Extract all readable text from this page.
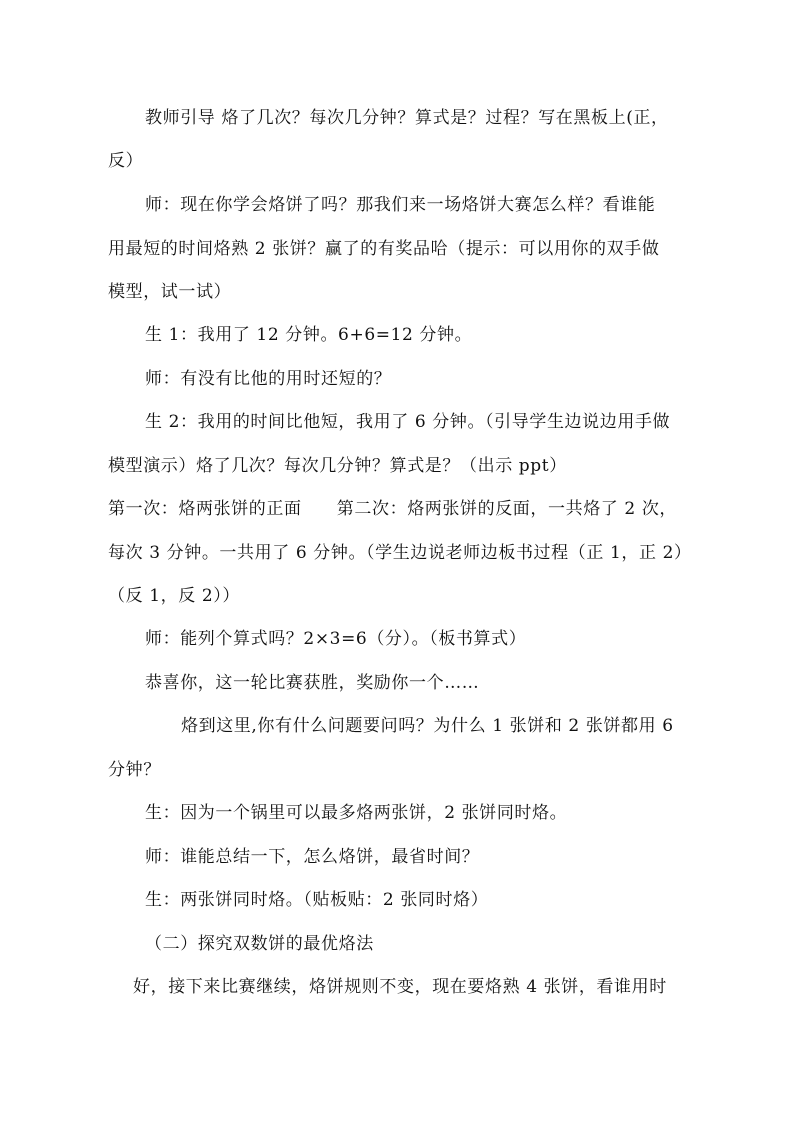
教师引导 烙了几次？每次几分钟？算式是？过程？写在黑板上(正，

反）

师：现在你学会烙饼了吗？那我们来一场烙饼大赛怎么样？看谁能

用最短的时间烙熟 2 张饼？赢了的有奖品哈（提示：可以用你的双手做

模型，试一试）

生 1：我用了 12 分钟。6+6=12 分钟。

师：有没有比他的用时还短的？

生 2：我用的时间比他短，我用了 6 分钟。（引导学生边说边用手做

模型演示）烙了几次？每次几分钟？算式是？（出示 ppt）

第一次：烙两张饼的正面　　第二次：烙两张饼的反面，一共烙了 2 次，

每次 3 分钟。一共用了 6 分钟。（学生边说老师边板书过程（正 1，正 2）

（反 1，反 2））

师：能列个算式吗？2×3=6（分）。（板书算式）

恭喜你，这一轮比赛获胜，奖励你一个……

烙到这里,你有什么问题要问吗？为什么 1 张饼和 2 张饼都用 6

分钟？

生：因为一个锅里可以最多烙两张饼，2 张饼同时烙。

师：谁能总结一下，怎么烙饼，最省时间？

生：两张饼同时烙。（贴板贴：2 张同时烙）

（二）探究双数饼的最优烙法

好，接下来比赛继续，烙饼规则不变，现在要烙熟 4 张饼，看谁用时
